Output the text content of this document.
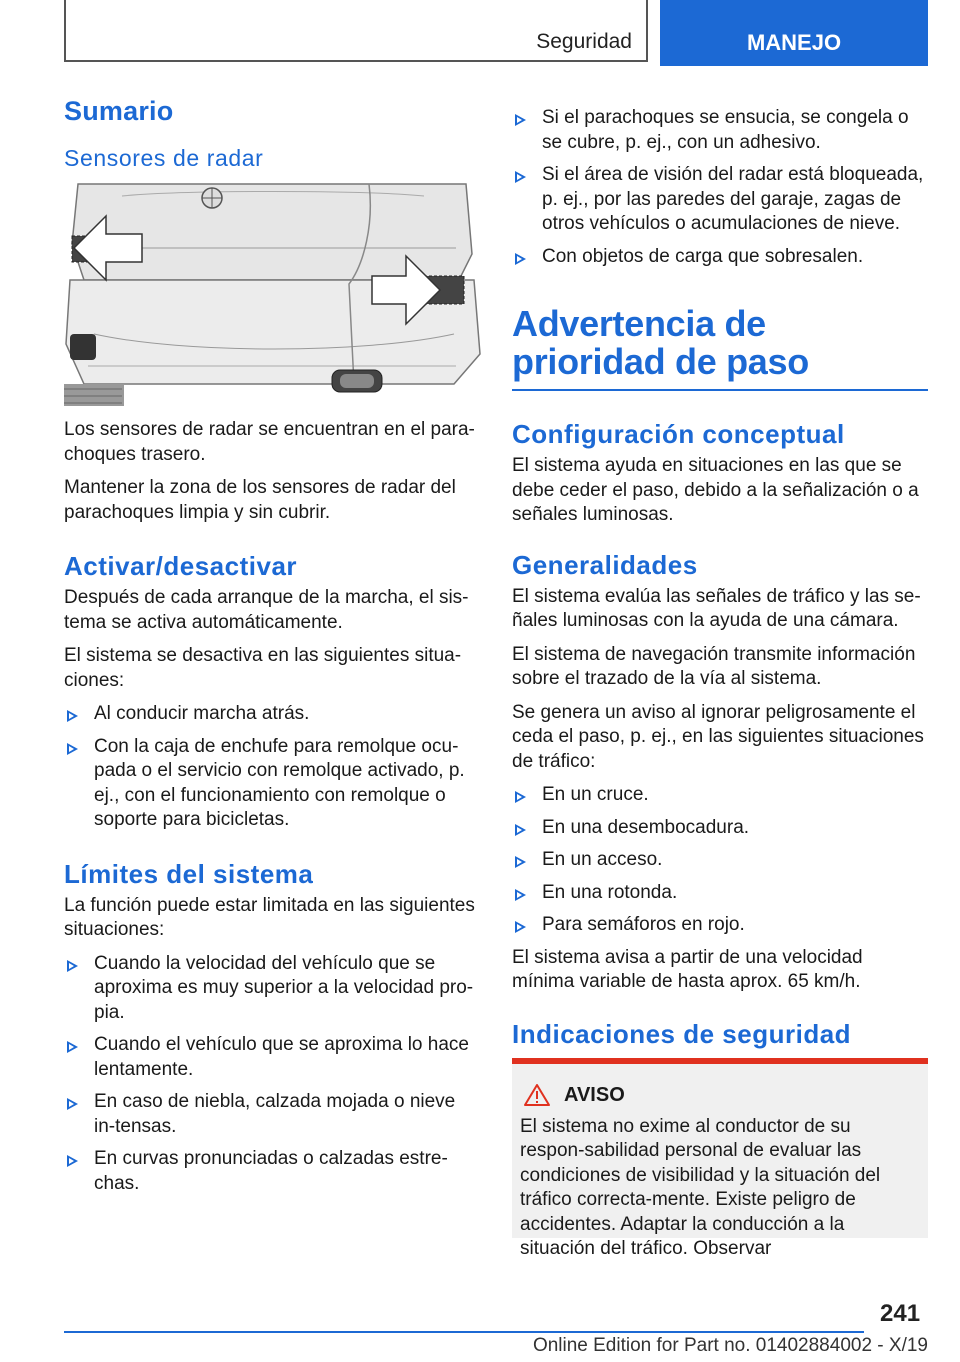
Seguridad	MANEJO
Sumario
Sensores de radar

Los sensores de radar se encuentran en el para-choques trasero.

Mantener la zona de los sensores de radar del parachoques limpia y sin cubrir.

Activar/desactivar

Después de cada arranque de la marcha, el sis-tema se activa automáticamente.

El sistema se desactiva en las siguientes situa-ciones:

Al conducir marcha atrás.
Con la caja de enchufe para remolque ocu-pada o el servicio con remolque activado, p. ej., con el funcionamiento con remolque o soporte para bicicletas.
Límites del sistema

La función puede estar limitada en las siguientes situaciones:

Cuando la velocidad del vehículo que se aproxima es muy superior a la velocidad pro-pia.
Cuando el vehículo que se aproxima lo hace lentamente.
En caso de niebla, calzada mojada o nieve in-tensas.
En curvas pronunciadas o calzadas estre-chas.
Si el parachoques se ensucia, se congela o se cubre, p. ej., con un adhesivo.
Si el área de visión del radar está bloqueada, p. ej., por las paredes del garaje, zagas de otros vehículos o acumulaciones de nieve.
Con objetos de carga que sobresalen.
Advertencia de prioridad de paso
Configuración conceptual

El sistema ayuda en situaciones en las que se debe ceder el paso, debido a la señalización o a señales luminosas.

Generalidades

El sistema evalúa las señales de tráfico y las se-ñales luminosas con la ayuda de una cámara.

El sistema de navegación transmite información sobre el trazado de la vía al sistema.

Se genera un aviso al ignorar peligrosamente el ceda el paso, p. ej., en las siguientes situaciones de tráfico:

En un cruce.
En una desembocadura.
En un acceso.
En una rotonda.
Para semáforos en rojo.

El sistema avisa a partir de una velocidad mínima variable de hasta aprox. 65 km/h.

Indicaciones de seguridad
AVISO

El sistema no exime al conductor de su respon-sabilidad personal de evaluar las condiciones de visibilidad y la situación del tráfico correcta-mente. Existe peligro de accidentes. Adaptar la conducción a la situación del tráfico. Observar

241
Online Edition for Part no. 01402884002 - X/19
